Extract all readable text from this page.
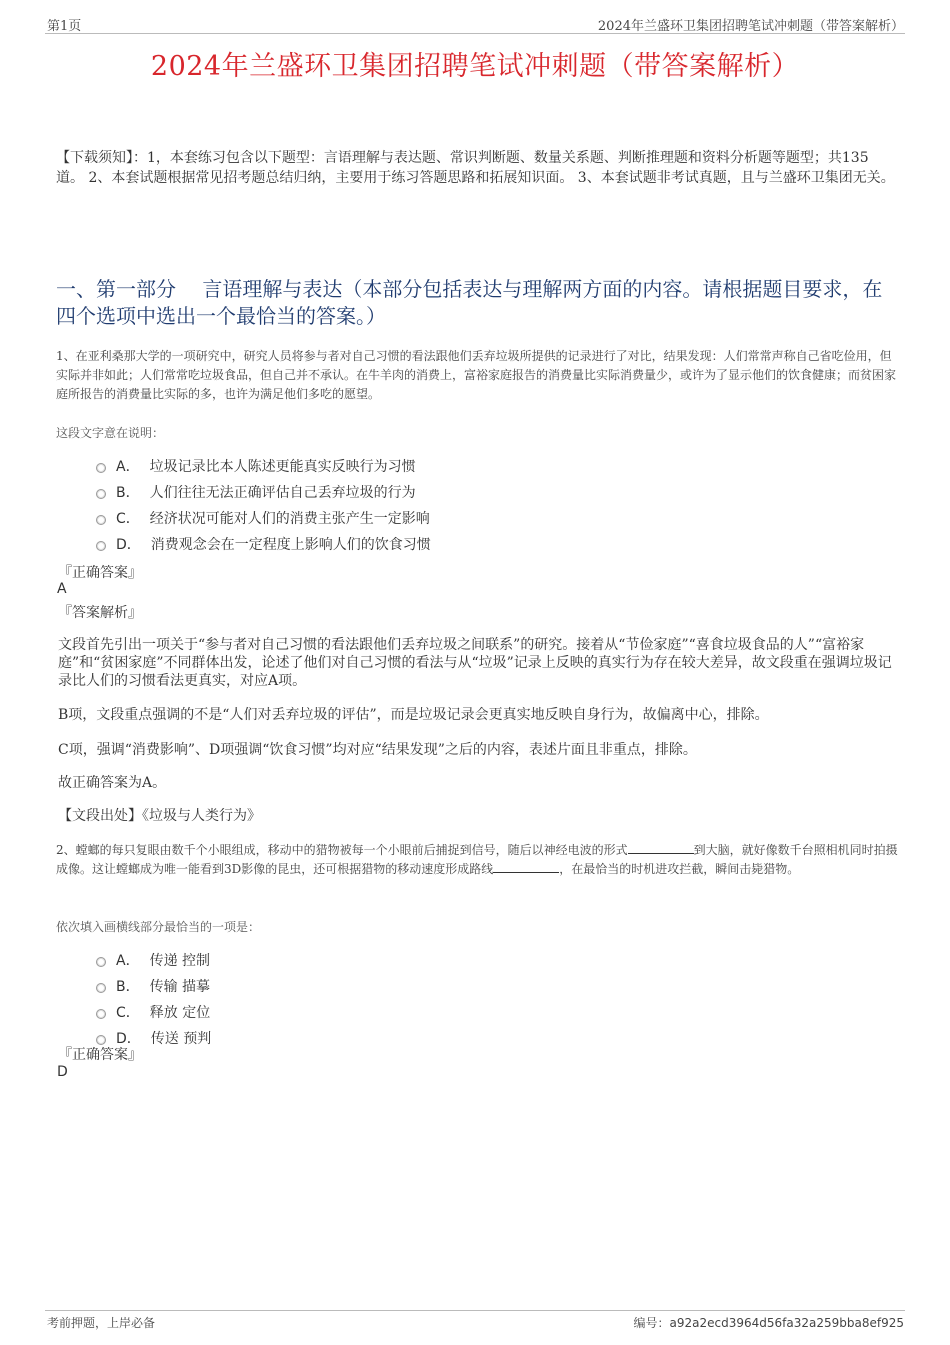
第1页	2024年兰盛环卫集团招聘笔试冲刺题（带答案解析）
2024年兰盛环卫集团招聘笔试冲刺题（带答案解析）
【下载须知】：1，本套练习包含以下题型：言语理解与表达题、常识判断题、数量关系题、判断推理题和资料分析题等题型；共135道。 2、本套试题根据常见招考题总结归纳，主要用于练习答题思路和拓展知识面。 3、本套试题非考试真题，且与兰盛环卫集团无关。
一、第一部分　 言语理解与表达（本部分包括表达与理解两方面的内容。请根据题目要求，在四个选项中选出一个最恰当的答案。）
1、在亚利桑那大学的一项研究中，研究人员将参与者对自己习惯的看法跟他们丢弃垃圾所提供的记录进行了对比，结果发现：人们常常声称自己省吃俭用，但实际并非如此；人们常常吃垃圾食品，但自己并不承认。在牛羊肉的消费上，富裕家庭报告的消费量比实际消费量少，或许为了显示他们的饮食健康；而贫困家庭所报告的消费量比实际的多，也许为满足他们多吃的愿望。
这段文字意在说明：
A． 垃圾记录比本人陈述更能真实反映行为习惯
B． 人们往往无法正确评估自己丢弃垃圾的行为
C． 经济状况可能对人们的消费主张产生一定影响
D． 消费观念会在一定程度上影响人们的饮食习惯
『正确答案』
A
『答案解析』
文段首先引出一项关于“参与者对自己习惯的看法跟他们丢弃垃圾之间联系”的研究。接着从“节俭家庭”“喜食垃圾食品的人”“富裕家庭”和“贫困家庭”不同群体出发，论述了他们对自己习惯的看法与从“垃圾”记录上反映的真实行为存在较大差异，故文段重在强调垃圾记录比人们的习惯看法更真实，对应A项。
B项，文段重点强调的不是“人们对丢弃垃圾的评估”，而是垃圾记录会更真实地反映自身行为，故偏离中心，排除。
C项，强调“消费影响”、D项强调“饮食习惯”均对应“结果发现”之后的内容，表述片面且非重点，排除。
故正确答案为A。
【文段出处】《垃圾与人类行为》
2、螳螂的每只复眼由数千个小眼组成，移动中的猎物被每一个小眼前后捕捉到信号，随后以神经电波的形式	到大脑，就好像数千台照相机同时拍摄成像。这让螳螂成为唯一能看到3D影像的昆虫，还可根据猎物的移动速度形成路线	，在最恰当的时机进攻拦截，瞬间击毙猎物。
依次填入画横线部分最恰当的一项是：
A． 传递 控制
B． 传输 描摹
C． 释放 定位
D． 传送 预判
『正确答案』
D
考前押题，上岸必备	编号：a92a2ecd3964d56fa32a259bba8ef925
